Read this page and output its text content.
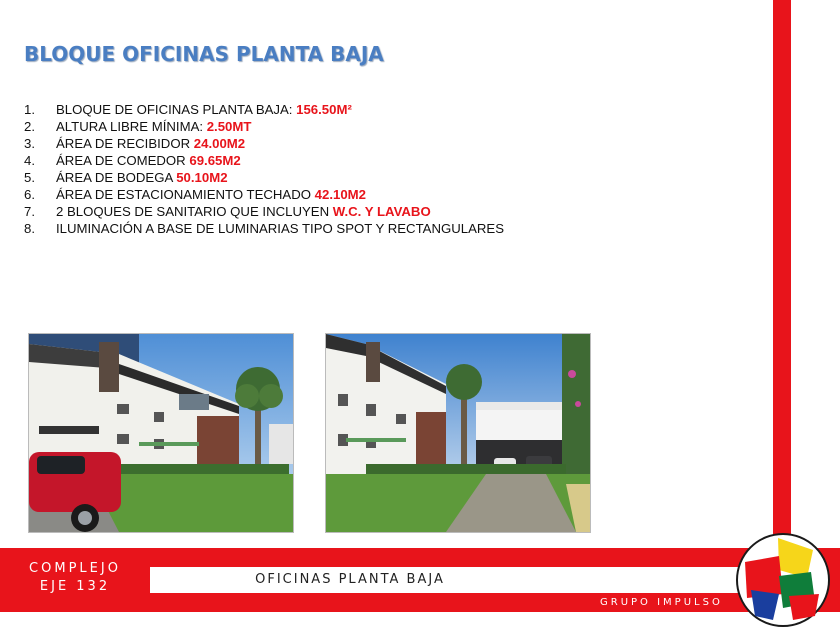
BLOQUE OFICINAS PLANTA BAJA
1. BLOQUE DE OFICINAS PLANTA BAJA: 156.50M²
2. ALTURA LIBRE MÍNIMA: 2.50MT
3. ÁREA DE RECIBIDOR 24.00M2
4. ÁREA DE COMEDOR 69.65M2
5. ÁREA DE BODEGA 50.10M2
6. ÁREA DE ESTACIONAMIENTO TECHADO 42.10M2
7. 2 BLOQUES DE SANITARIO QUE INCLUYEN W.C. Y LAVABO
8. ILUMINACIÓN A BASE DE LUMINARIAS TIPO SPOT Y RECTANGULARES
COMPLEJO
EJE 132	OFICINAS PLANTA BAJA
GRUPO IMPULSO
